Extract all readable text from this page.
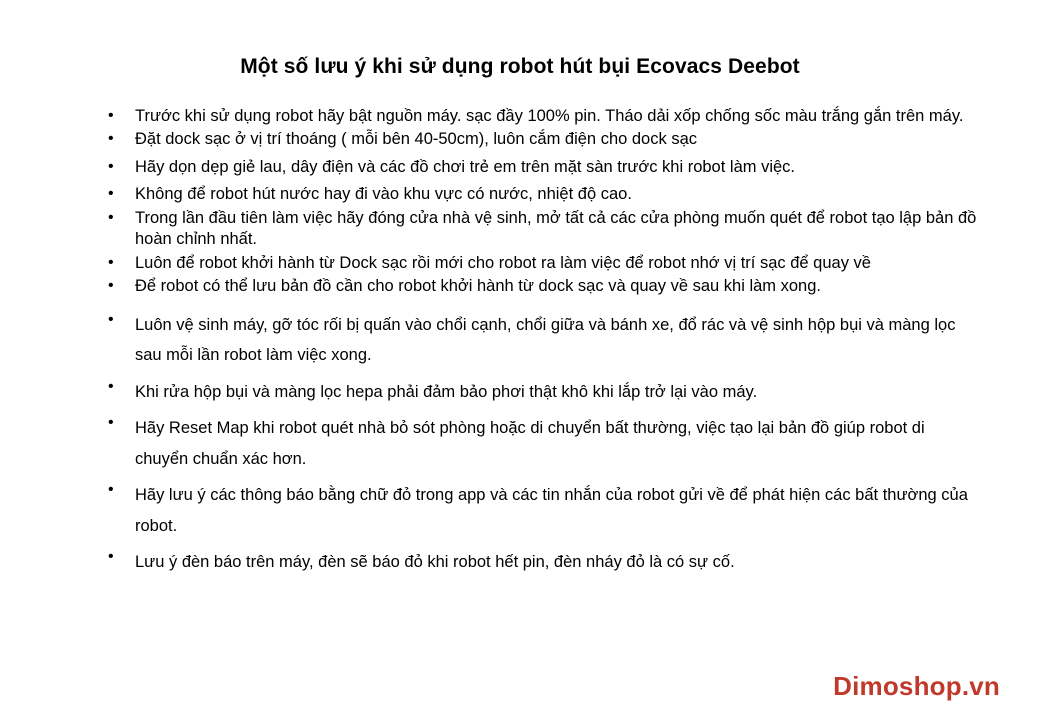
Một số lưu ý khi sử dụng robot hút bụi Ecovacs Deebot
• Trước khi sử dụng robot hãy bật nguồn máy. sạc đầy 100% pin. Tháo dải xốp chống sốc màu trắng gắn trên máy.
• Đặt dock sạc ở vị trí thoáng ( mỗi bên 40-50cm), luôn cắm điện cho dock sạc
• Hãy dọn dẹp giẻ lau, dây điện và các đồ chơi trẻ em trên mặt sàn trước khi robot làm việc.
• Không để robot hút nước hay đi vào khu vực có nước, nhiệt độ cao.
• Trong lần đầu tiên làm việc hãy đóng cửa nhà vệ sinh, mở tất cả các cửa phòng muốn quét để robot tạo lập bản đồ hoàn chỉnh nhất.
• Luôn để robot khởi hành từ Dock sạc rồi mới cho robot ra làm việc để robot nhớ vị trí sạc để quay về
• Để robot có thể lưu bản đồ cần cho robot khởi hành từ dock sạc và quay về sau khi làm xong.
• Luôn vệ sinh máy, gỡ tóc rối bị quấn vào chổi cạnh, chổi giữa và bánh xe, đổ rác và vệ sinh hộp bụi và màng lọc sau mỗi lần robot làm việc xong.
• Khi rửa hộp bụi và màng lọc hepa phải đảm bảo phơi thật khô khi lắp trở lại vào máy.
• Hãy Reset Map khi robot quét nhà bỏ sót phòng hoặc di chuyển bất thường, việc tạo lại bản đồ giúp robot di chuyển chuẩn xác hơn.
• Hãy lưu ý các thông báo bằng chữ đỏ trong app và các tin nhắn của robot gửi về để phát hiện các bất thường của robot.
• Lưu ý đèn báo trên máy, đèn sẽ báo đỏ khi robot hết pin, đèn nháy đỏ là có sự cố.
Dimoshop.vn
